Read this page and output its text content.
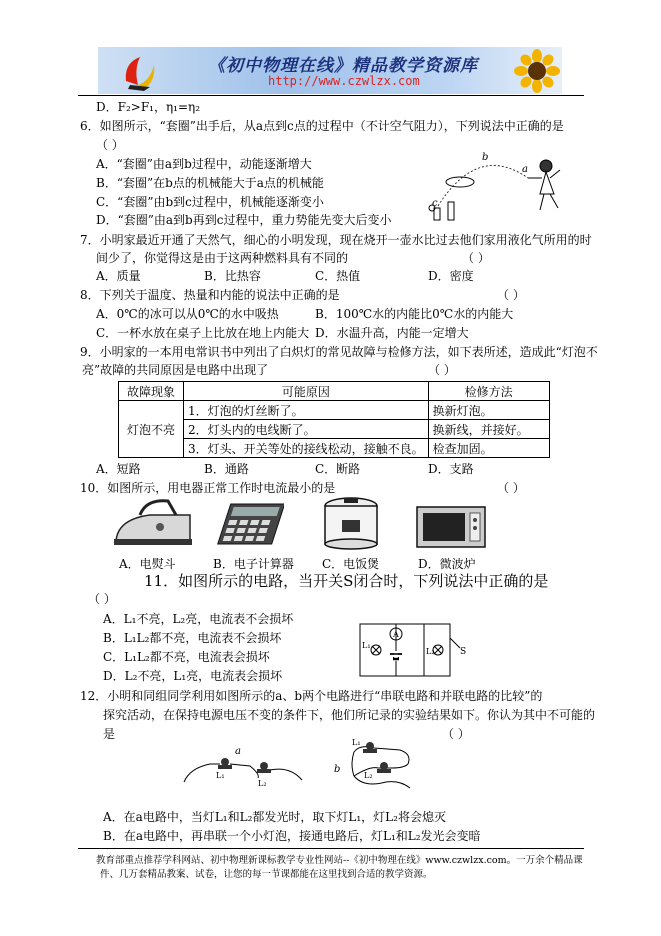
《初中物理在线》精品教学资源库
http://www.czwlzx.com
D．F₂>F₁，η₁=η₂
6．如图所示，“套圈”出手后，从a点到c点的过程中（不计空气阻力），下列说法中正确的是
（ ）
A．“套圈”由a到b过程中，动能逐渐增大
B．“套圈”在b点的机械能大于a点的机械能
C．“套圈”由b到c过程中，机械能逐渐变小
D．“套圈”由a到b再到c过程中，重力势能先变大后变小
b
a
c
7．小明家最近开通了天然气，细心的小明发现，现在烧开一壶水比过去他们家用液化气所用的时
间少了，你觉得这是由于这两种燃料具有不同的	（ ）
A．质量	B．比热容	C．热值	D．密度
8．下列关于温度、热量和内能的说法中正确的是	（ ）
A．0℃的冰可以从0℃的水中吸热	B．100℃水的内能比0℃水的内能大
C．一杯水放在桌子上比放在地上内能大 D．水温升高，内能一定增大
9．小明家的一本用电常识书中列出了白炽灯的常见故障与检修方法，如下表所述，造成此“灯泡不
亮”故障的共同原因是电路中出现了	（ ）
故障现象	可能原因	检修方法
灯泡不亮	1．灯泡的灯丝断了。	换新灯泡。
	2．灯头内的电线断了。	换新线，并接好。
	3．灯头、开关等处的接线松动，接触不良。	检查加固。
A．短路	B．通路	C．断路	D．支路
10．如图所示，用电器正常工作时电流最小的是	（ ）
A．电熨斗	B．电子计算器 C．电饭煲	D．微波炉
11．如图所示的电路，当开关S闭合时，下列说法中正确的是
（ ）
A．L₁不亮，L₂亮，电流表不会损坏
B．L₁L₂都不亮，电流表不会损坏
C．L₁L₂都不亮，电流表会损坏
D．L₂不亮，L₁亮，电流表会损坏
A
L₁
L₂	S
12．小明和同组同学利用如图所示的a、b两个电路进行“串联电路和并联电路的比较”的
探究活动，在保持电源电压不变的条件下，他们所记录的实验结果如下。你认为其中不可能的
是	（ ）
a
L₁
L₂
L₁
L₂
b
A．在a电路中，当灯L₁和L₂都发光时，取下灯L₁，灯L₂将会熄灭
B．在a电路中，再串联一个小灯泡，接通电路后，灯L₁和L₂发光会变暗
教育部重点推荐学科网站、初中物理新课标教学专业性网站--《初中物理在线》www.czwlzx.com。一万余个精品课
件、几万套精品教案、试卷，让您的每一节课都能在这里找到合适的教学资源。
